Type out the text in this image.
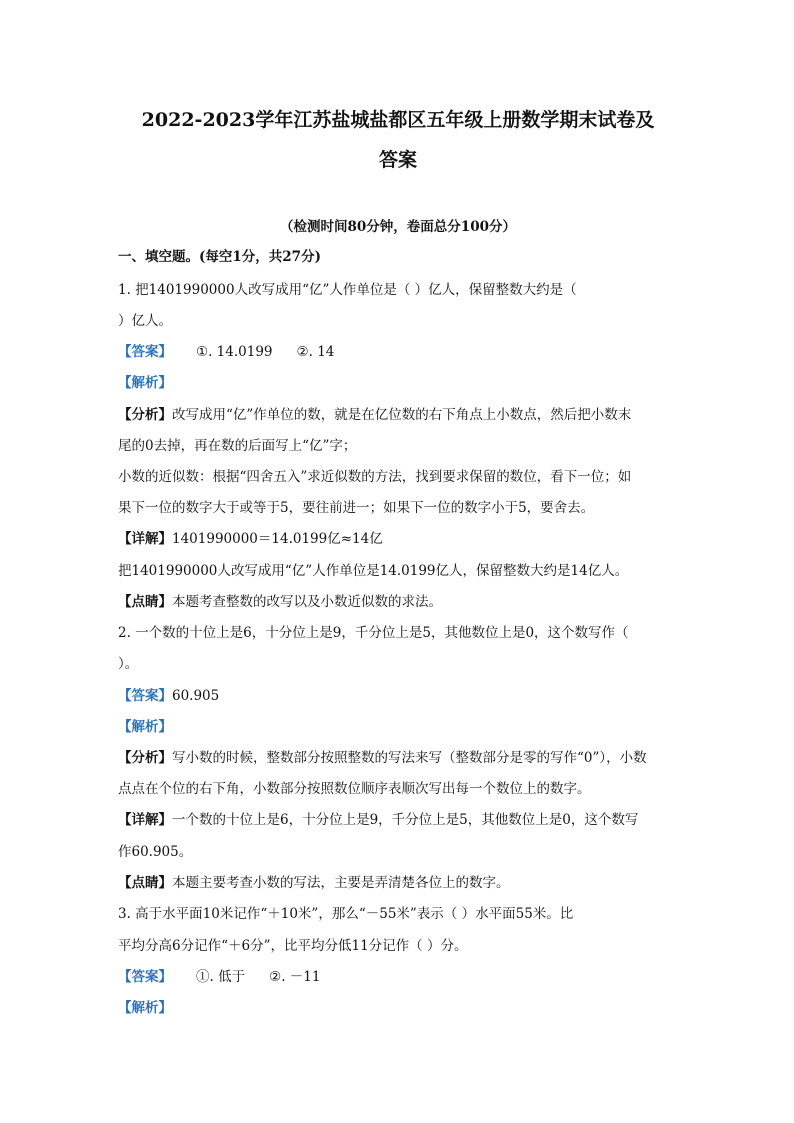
2022-2023学年江苏盐城盐都区五年级上册数学期末试卷及
答案
（检测时间80分钟，卷面总分100分）
一、填空题。(每空1分，共27分)
1. 把1401990000人改写成用“亿”人作单位是（ ）亿人，保留整数大约是（
）亿人。
【答案】 ①. 14.0199 ②. 14
【解析】
【分析】改写成用“亿”作单位的数，就是在亿位数的右下角点上小数点，然后把小数末
尾的0去掉，再在数的后面写上“亿”字；
小数的近似数：根据“四舍五入”求近似数的方法，找到要求保留的数位，看下一位；如
果下一位的数字大于或等于5，要往前进一；如果下一位的数字小于5，要舍去。
【详解】1401990000＝14.0199亿≈14亿
把1401990000人改写成用“亿”人作单位是14.0199亿人，保留整数大约是14亿人。
【点睛】本题考查整数的改写以及小数近似数的求法。
2. 一个数的十位上是6，十分位上是9，千分位上是5，其他数位上是0，这个数写作（
）。
【答案】60.905
【解析】
【分析】写小数的时候，整数部分按照整数的写法来写（整数部分是零的写作“0”），小数
点点在个位的右下角，小数部分按照数位顺序表顺次写出每一个数位上的数字。
【详解】一个数的十位上是6，十分位上是9，千分位上是5，其他数位上是0，这个数写
作60.905。
【点睛】本题主要考查小数的写法，主要是弄清楚各位上的数字。
3. 高于水平面10米记作“＋10米”，那么“－55米”表示（ ）水平面55米。比
平均分高6分记作“＋6分”，比平均分低11分记作（ ）分。
【答案】 ①. 低于 ②. －11
【解析】
